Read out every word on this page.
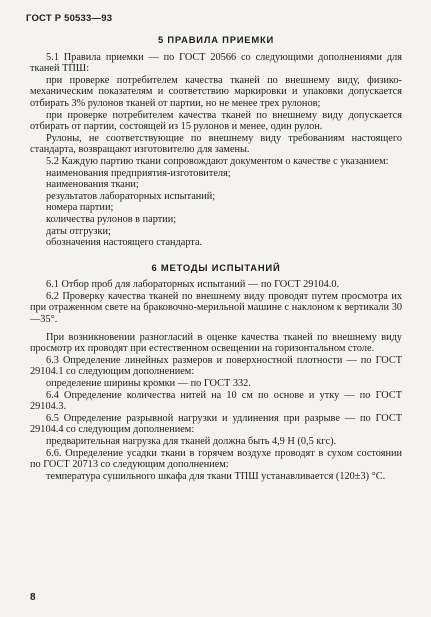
ГОСТ Р 50533—93
5 ПРАВИЛА ПРИЕМКИ

5.1 Правила приемки — по ГОСТ 20566 со следующими дополнениями для тканей ТПШ:

при проверке потребителем качества тканей по внешнему виду, физико-механическим показателям и соответствию маркировки и упаковки допускается отбирать 3% рулонов тканей от партии, но не менее трех рулонов;

при проверке потребителем качества тканей по внешнему виду допускается отбирать от партии, состоящей из 15 рулонов и менее, один рулон.

Рулоны, не соответствующие по внешнему виду требованиям настоящего стандарта, возвращают изготовителю для замены.

5.2 Каждую партию ткани сопровождают документом о качестве с указанием:

наименования предприятия-изготовителя;

наименования ткани;

результатов лабораторных испытаний;

номера партии;

количества рулонов в партии;

даты отгрузки;

обозначения настоящего стандарта.

6 МЕТОДЫ ИСПЫТАНИЙ

6.1 Отбор проб для лабораторных испытаний — по ГОСТ 29104.0.

6.2 Проверку качества тканей по внешнему виду проводят путем просмотра их при отраженном свете на браковочно-мерильной машине с наклоном к вертикали 30—35°.

При возникновении разногласий в оценке качества тканей по внешнему виду просмотр их проводят при естественном освещении на горизонтальном столе.

6.3 Определение линейных размеров и поверхностной плотности — по ГОСТ 29104.1 со следующим дополнением:

определение ширины кромки — по ГОСТ 332.

6.4 Определение количества нитей на 10 см по основе и утку — по ГОСТ 29104.3.

6.5 Определение разрывной нагрузки и удлинения при разрыве — по ГОСТ 29104.4 со следующим дополнением:

предварительная нагрузка для тканей должна быть 4,9 Н (0,5 кгс).

6.6. Определение усадки ткани в горячем воздухе проводят в сухом состоянии по ГОСТ 20713 со следующим дополнением:

температура сушильного шкафа для ткани ТПШ устанавливается (120±3) °С.

8
